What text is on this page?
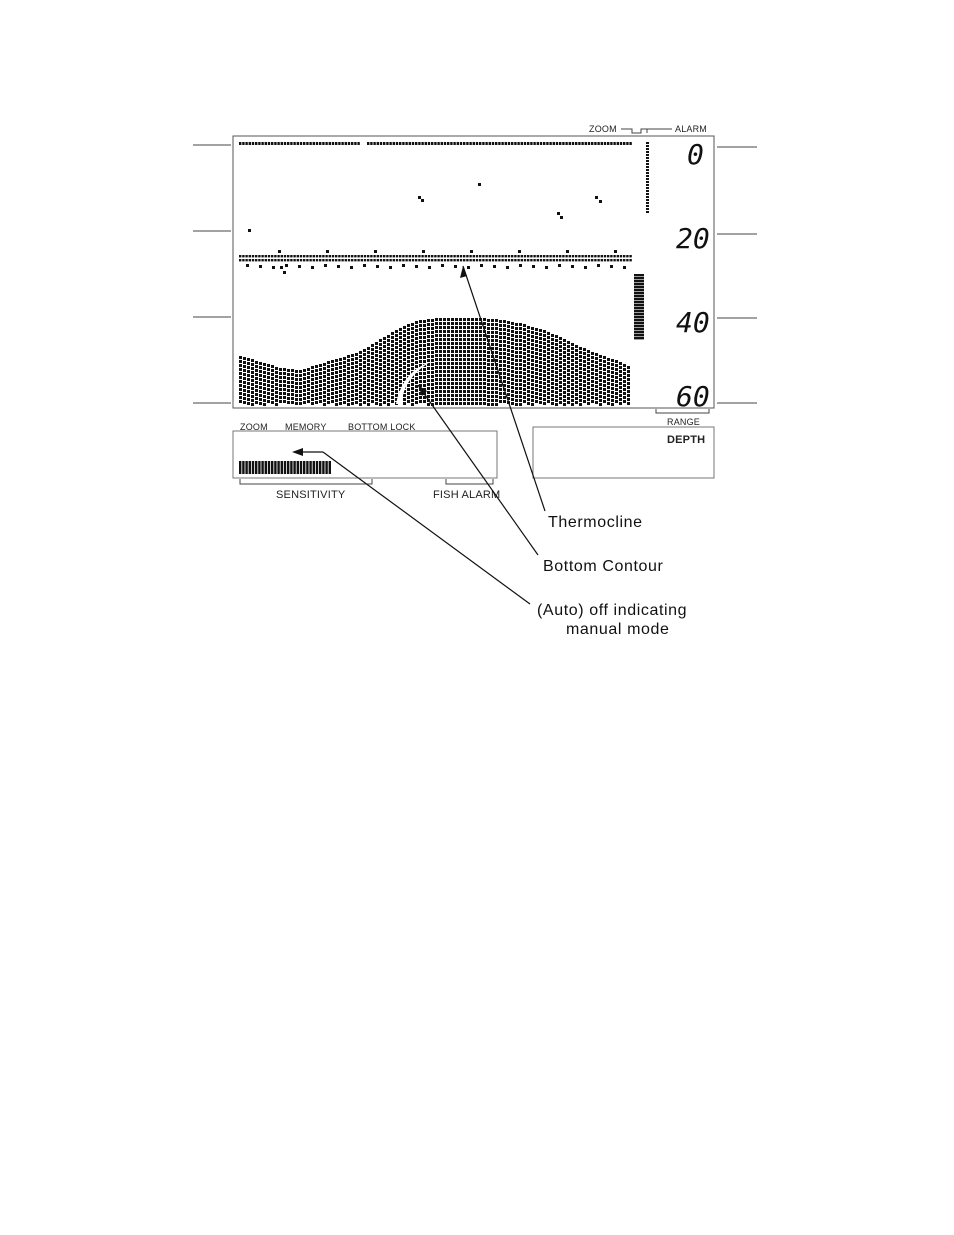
ZOOM	ALARM
0
20
40
60
RANGE
ZOOM MEMORY BOTTOM LOCK
SENSITIVITY	FISH ALARM
DEPTH
Thermocline
Bottom Contour
(Auto) off indicating
manual mode
